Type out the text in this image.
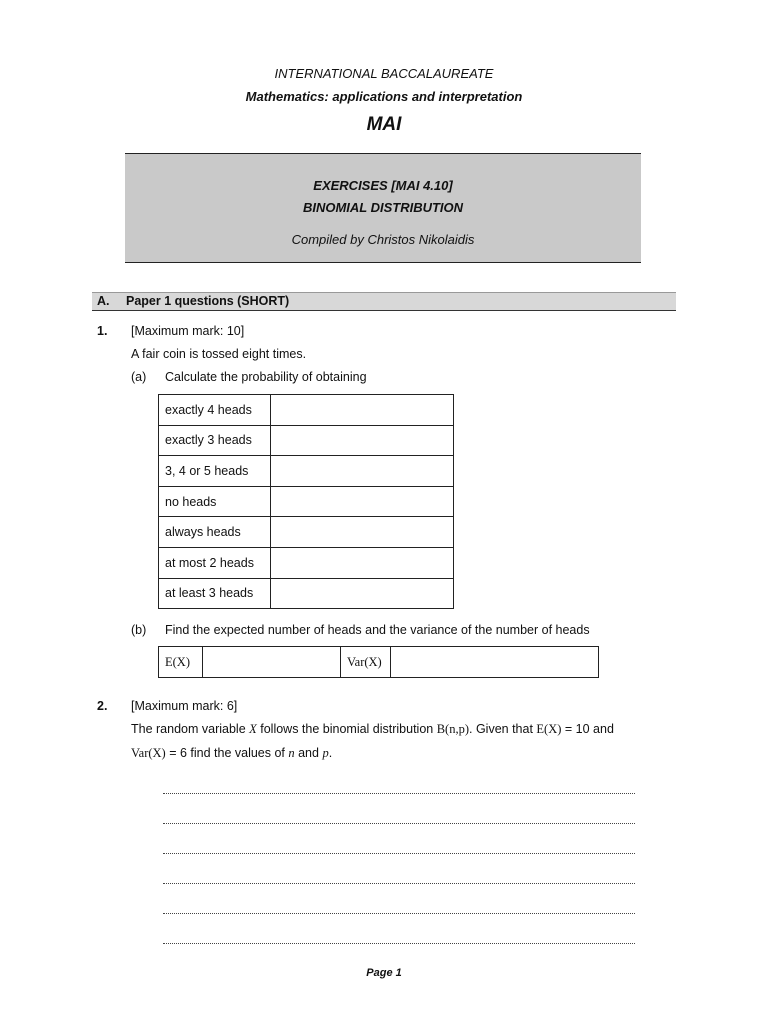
INTERNATIONAL BACCALAUREATE
Mathematics: applications and interpretation
MAI
EXERCISES [MAI 4.10]
BINOMIAL DISTRIBUTION
Compiled by Christos Nikolaidis
A. Paper 1 questions (SHORT)
1. [Maximum mark: 10]
A fair coin is tossed eight times.
(a) Calculate the probability of obtaining
exactly 4 heads	
exactly 3 heads	
3, 4 or 5 heads	
no heads	
always heads	
at most 2 heads	
at least 3 heads	
(b) Find the expected number of heads and the variance of the number of heads
E(X)		Var(X)	
2. [Maximum mark: 6]
The random variable X follows the binomial distribution B(n,p). Given that E(X) = 10 and
Var(X) = 6 find the values of n and p.
Page 1
